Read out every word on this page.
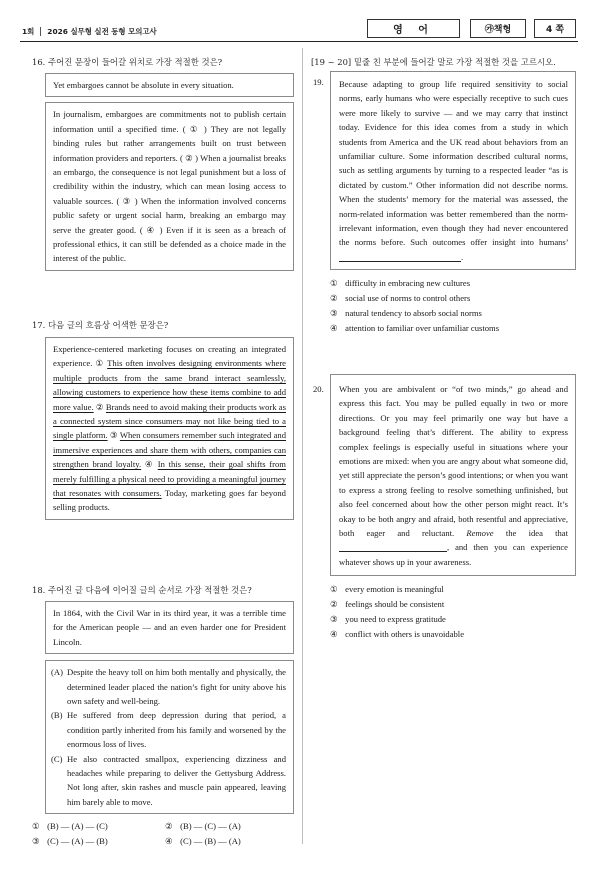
1회 2026 실무형 실전 동형 모의고사	영 어	㉮책형	4 쪽
16. 주어진 문장이 들어갈 위치로 가장 적절한 것은?
Yet embargoes cannot be absolute in every situation.
In journalism, embargoes are commitments not to publish certain information until a specified time. ( ① ) They are not legally binding rules but rather arrangements built on trust between information providers and reporters. ( ② ) When a journalist breaks an embargo, the consequence is not legal punishment but a loss of credibility within the industry, which can mean losing access to valuable sources. ( ③ ) When the information involved concerns public safety or urgent social harm, breaking an embargo may serve the greater good. ( ④ ) Even if it is seen as a breach of professional ethics, it can still be defended as a choice made in the interest of the public.
17. 다음 글의 흐름상 어색한 문장은?
Experience-centered marketing focuses on creating an integrated experience. ① This often involves designing environments where multiple products from the same brand interact seamlessly, allowing customers to experience how these items combine to add more value. ② Brands need to avoid making their products work as a connected system since consumers may not like being tied to a single platform. ③ When consumers remember such integrated and immersive experiences and share them with others, companies can strengthen brand loyalty. ④ In this sense, their goal shifts from merely fulfilling a physical need to providing a meaningful journey that resonates with consumers. Today, marketing goes far beyond selling products.
18. 주어진 글 다음에 이어질 글의 순서로 가장 적절한 것은?
In 1864, with the Civil War in its third year, it was a terrible time for the American people — and an even harder one for President Lincoln.
(A) Despite the heavy toll on him both mentally and physically, the determined leader placed the nation’s fight for unity above his own safety and well-being.
(B) He suffered from deep depression during that period, a condition partly inherited from his family and worsened by the enormous loss of lives.
(C) He also contracted smallpox, experiencing dizziness and headaches while preparing to deliver the Gettysburg Address. Not long after, skin rashes and muscle pain appeared, leaving him barely able to move.
① (B) — (A) — (C)	② (B) — (C) — (A)
③ (C) — (A) — (B)	④ (C) — (B) — (A)
[19 ~ 20] 밑줄 친 부분에 들어갈 말로 가장 적절한 것을 고르시오.
19.	Because adapting to group life required sensitivity to social norms, early humans who were especially receptive to such cues were more likely to survive — and we may carry that instinct today. Evidence for this idea comes from a study in which students from America and the UK read about behaviors from an unfamiliar culture. Some information described cultural norms, such as settling arguments by turning to a respected leader “as is dictated by custom.” Other information did not describe norms. When the students’ memory for the material was assessed, the norm-related information was better remembered than the norm-irrelevant information, even though they had never encountered the norms before. Such outcomes offer insight into humans’ .
① difficulty in embracing new cultures
② social use of norms to control others
③ natural tendency to absorb social norms
④ attention to familiar over unfamiliar customs
20.	When you are ambivalent or “of two minds,” go ahead and express this fact. You may be pulled equally in two or more directions. Or you may feel primarily one way but have a background feeling that’s different. The ability to express complex feelings is especially useful in situations where your emotions are mixed: when you are angry about what someone did, yet still appreciate the person’s good intentions; or when you want to express a strong feeling to resolve something unfinished, but also feel concerned about how the other person might react. It’s okay to be both angry and afraid, both resentful and appreciative, both eager and reluctant. Remove the idea that , and then you can experience whatever shows up in your awareness.
① every emotion is meaningful
② feelings should be consistent
③ you need to express gratitude
④ conflict with others is unavoidable
